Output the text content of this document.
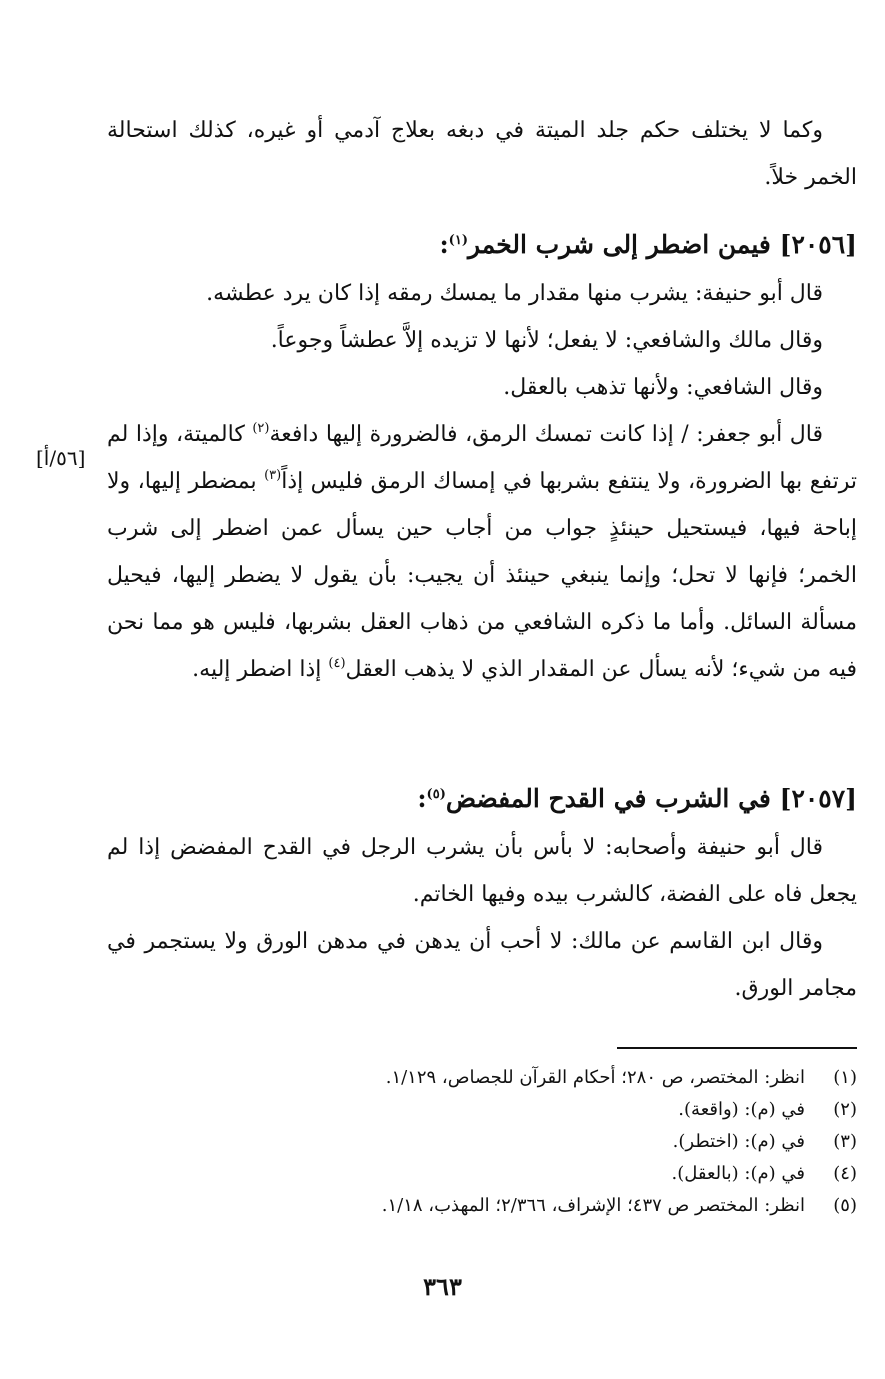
وكما لا يختلف حكم جلد الميتة في دبغه بعلاج آدمي أو غيره، كذلك استحالة الخمر خلاً.

[٢٠٥٦] فيمن اضطر إلى شرب الخمر$^{(١)}$:

قال أبو حنيفة: يشرب منها مقدار ما يمسك رمقه إذا كان يرد عطشه.

وقال مالك والشافعي: لا يفعل؛ لأنها لا تزيده إلاَّ عطشاً وجوعاً.

وقال الشافعي: ولأنها تذهب بالعقل.

قال أبو جعفر: / إذا كانت تمسك الرمق، فالضرورة إليها دافعة$^{(٢)}$ كالميتة، وإذا لم ترتفع بها الضرورة، ولا ينتفع بشربها في إمساك الرمق فليس إذاً$^{(٣)}$ بمضطر إليها، ولا إباحة فيها، فيستحيل حينئذٍ جواب من أجاب حين يسأل عمن اضطر إلى شرب الخمر؛ فإنها لا تحل؛ وإنما ينبغي حينئذ أن يجيب: بأن يقول لا يضطر إليها، فيحيل مسألة السائل. وأما ما ذكره الشافعي من ذهاب العقل بشربها، فليس هو مما نحن فيه من شيء؛ لأنه يسأل عن المقدار الذي لا يذهب العقل$^{(٤)}$ إذا اضطر إليه.

[٥٦/أ]

[٢٠٥٧] في الشرب في القدح المفضض$^{(٥)}$:

قال أبو حنيفة وأصحابه: لا بأس بأن يشرب الرجل في القدح المفضض إذا لم يجعل فاه على الفضة، كالشرب بيده وفيها الخاتم.

وقال ابن القاسم عن مالك: لا أحب أن يدهن في مدهن الورق ولا يستجمر في مجامر الورق.

(١)
انظر: المختصر، ص ٢٨٠؛ أحكام القرآن للجصاص، ١/١٢٩.

(٢)
في (م): (واقعة).

(٣)
في (م): (اختطر).

(٤)
في (م): (بالعقل).

(٥)
انظر: المختصر ص ٤٣٧؛ الإشراف، ٢/٣٦٦؛ المهذب، ١/١٨.

٣٦٣
